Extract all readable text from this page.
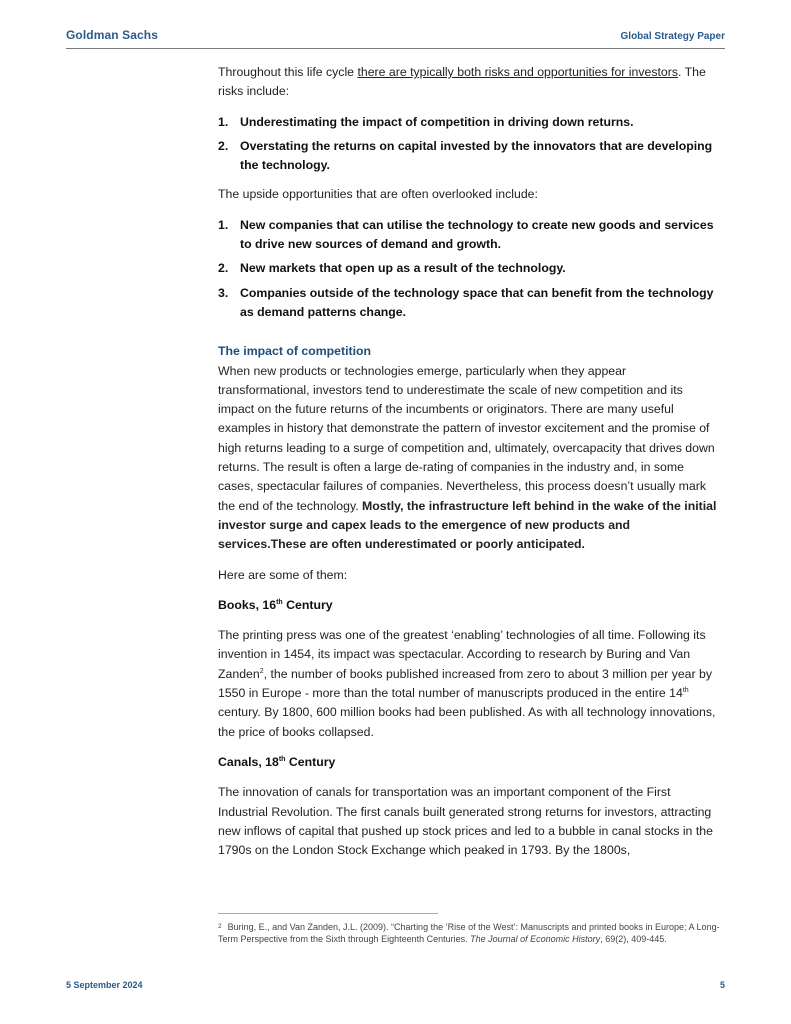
Goldman Sachs	Global Strategy Paper

Throughout this life cycle there are typically both risks and opportunities for investors. The risks include:

1. Underestimating the impact of competition in driving down returns.
2. Overstating the returns on capital invested by the innovators that are developing the technology.

The upside opportunities that are often overlooked include:

1. New companies that can utilise the technology to create new goods and services to drive new sources of demand and growth.
2. New markets that open up as a result of the technology.
3. Companies outside of the technology space that can benefit from the technology as demand patterns change.
The impact of competition

When new products or technologies emerge, particularly when they appear transformational, investors tend to underestimate the scale of new competition and its impact on the future returns of the incumbents or originators. There are many useful examples in history that demonstrate the pattern of investor excitement and the promise of high returns leading to a surge of competition and, ultimately, overcapacity that drives down returns. The result is often a large de-rating of companies in the industry and, in some cases, spectacular failures of companies. Nevertheless, this process doesn’t usually mark the end of the technology. Mostly, the infrastructure left behind in the wake of the initial investor surge and capex leads to the emergence of new products and services.These are often underestimated or poorly anticipated.

Here are some of them:

Books, 16th Century

The printing press was one of the greatest ‘enabling’ technologies of all time. Following its invention in 1454, its impact was spectacular. According to research by Buring and Van Zanden$^2$, the number of books published increased from zero to about 3 million per year by 1550 in Europe - more than the total number of manuscripts produced in the entire 14th century. By 1800, 600 million books had been published. As with all technology innovations, the price of books collapsed.

Canals, 18th Century

The innovation of canals for transportation was an important component of the First Industrial Revolution. The first canals built generated strong returns for investors, attracting new inflows of capital that pushed up stock prices and led to a bubble in canal stocks in the 1790s on the London Stock Exchange which peaked in 1793. By the 1800s,

$^2$ Buring, E., and Van Zanden, J.L. (2009). “Charting the ‘Rise of the West’: Manuscripts and printed books in Europe; A Long-Term Perspective from the Sixth through Eighteenth Centuries. The Journal of Economic History, 69(2), 409-445.
5 September 2024	5
